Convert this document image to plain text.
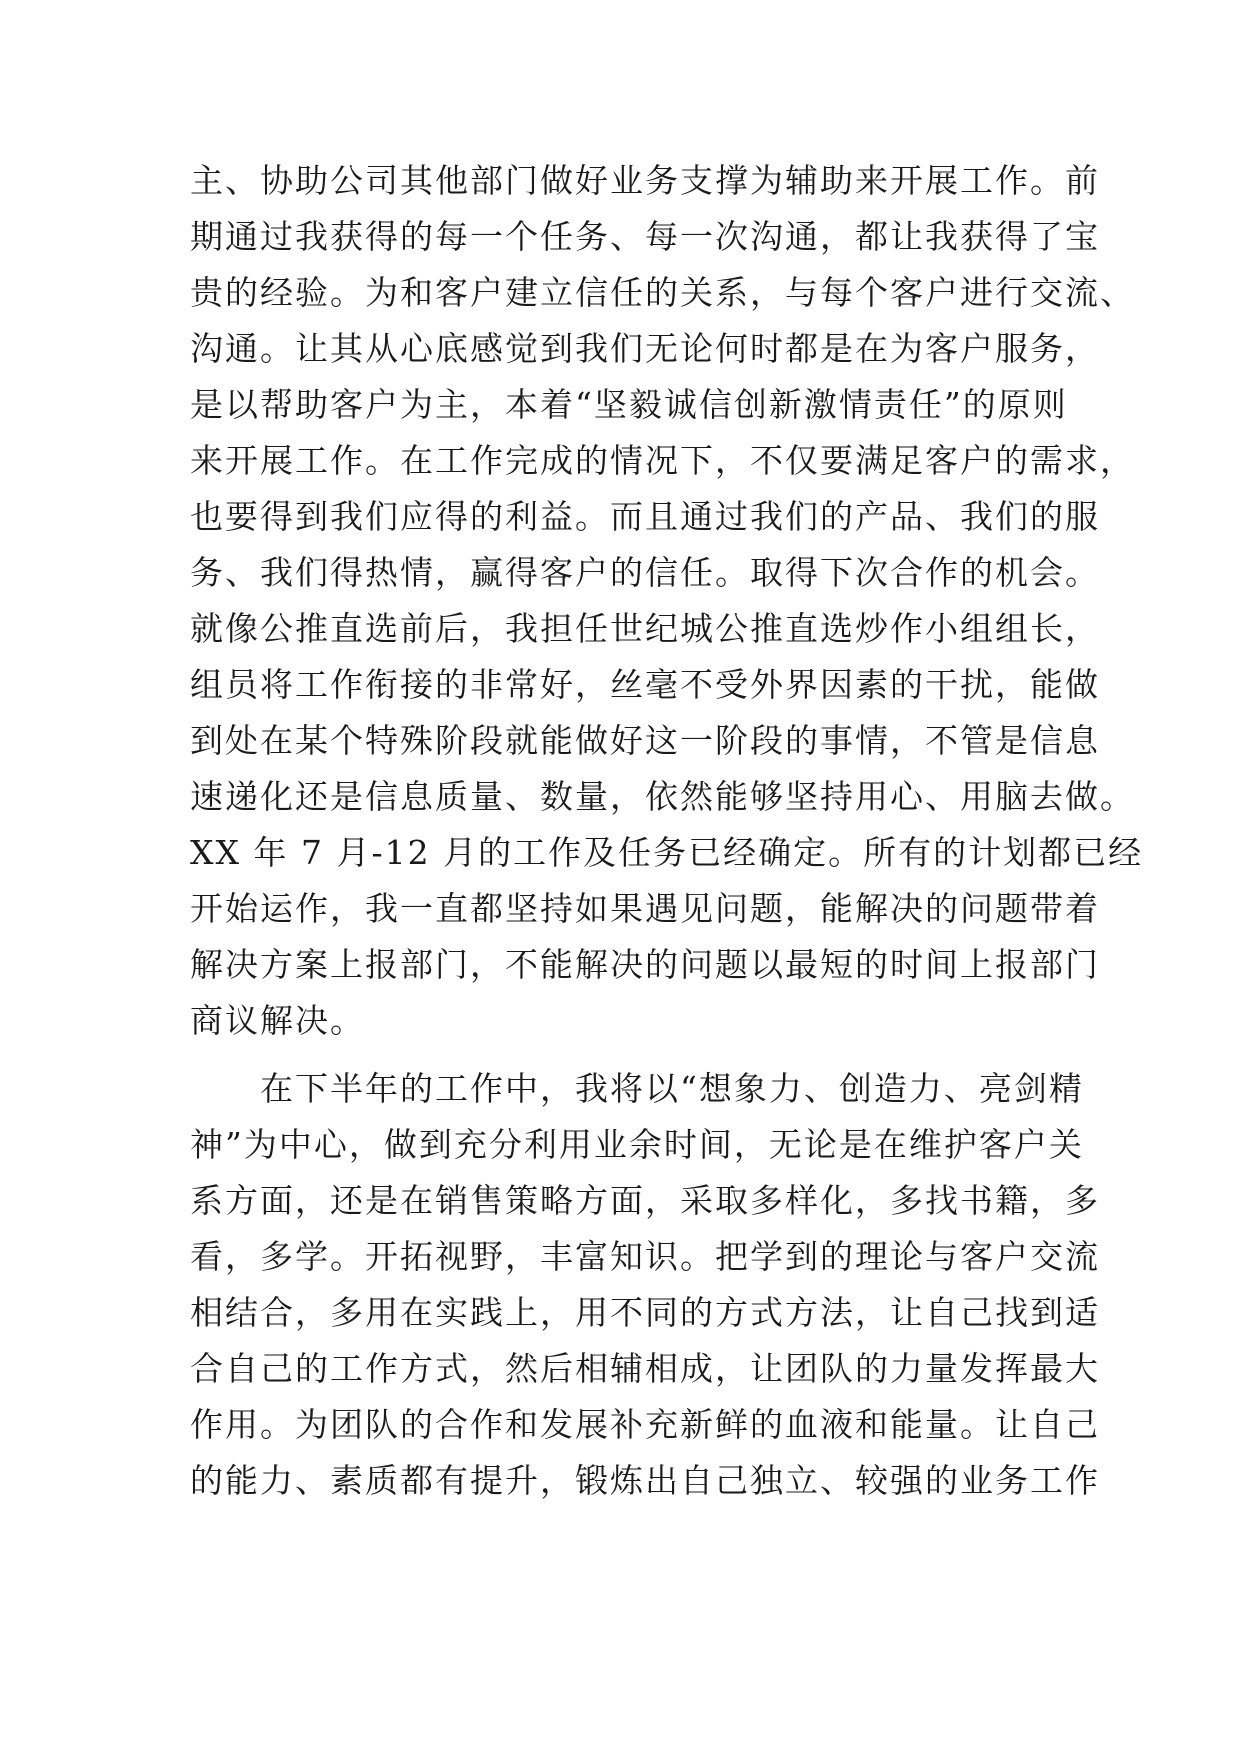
主、协助公司其他部门做好业务支撑为辅助来开展工作。前
期通过我获得的每一个任务、每一次沟通，都让我获得了宝
贵的经验。为和客户建立信任的关系，与每个客户进行交流、
沟通。让其从心底感觉到我们无论何时都是在为客户服务，
是以帮助客户为主，本着“坚毅诚信创新激情责任”的原则
来开展工作。在工作完成的情况下，不仅要满足客户的需求，
也要得到我们应得的利益。而且通过我们的产品、我们的服
务、我们得热情，赢得客户的信任。取得下次合作的机会。
就像公推直选前后，我担任世纪城公推直选炒作小组组长，
组员将工作衔接的非常好，丝毫不受外界因素的干扰，能做
到处在某个特殊阶段就能做好这一阶段的事情，不管是信息
速递化还是信息质量、数量，依然能够坚持用心、用脑去做。
XX 年 7 月-12 月的工作及任务已经确定。所有的计划都已经
开始运作，我一直都坚持如果遇见问题，能解决的问题带着
解决方案上报部门，不能解决的问题以最短的时间上报部门
商议解决。
　　在下半年的工作中，我将以“想象力、创造力、亮剑精
神”为中心，做到充分利用业余时间，无论是在维护客户关
系方面，还是在销售策略方面，采取多样化，多找书籍，多
看，多学。开拓视野，丰富知识。把学到的理论与客户交流
相结合，多用在实践上，用不同的方式方法，让自己找到适
合自己的工作方式，然后相辅相成，让团队的力量发挥最大
作用。为团队的合作和发展补充新鲜的血液和能量。让自己
的能力、素质都有提升，锻炼出自己独立、较强的业务工作
